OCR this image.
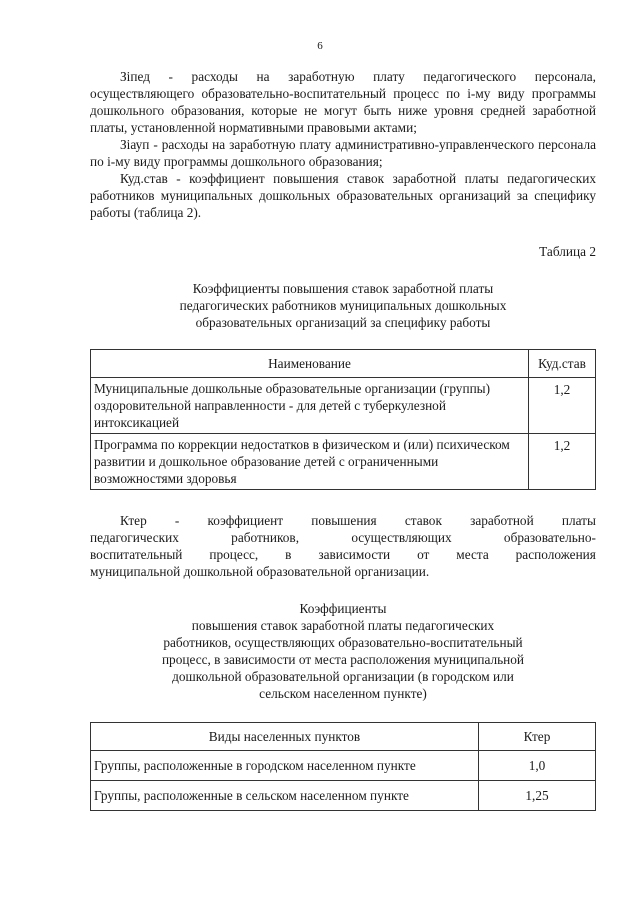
6

Зiпед - расходы на заработную плату педагогического персонала, осуществляющего образовательно-воспитательный процесс по i-му виду программы дошкольного образования, которые не могут быть ниже уровня средней заработной платы, установленной нормативными правовыми актами;

Зiауп - расходы на заработную плату административно-управленческого персонала по i-му виду программы дошкольного образования;

Куд.став - коэффициент повышения ставок заработной платы педагогических работников муниципальных дошкольных образовательных организаций за специфику работы (таблица 2).

Таблица 2

Коэффициенты повышения ставок заработной платы

педагогических работников муниципальных дошкольных

образовательных организаций за специфику работы

Наименование	Куд.став
Муниципальные дошкольные образовательные организации (группы) оздоровительной направленности - для детей с туберкулезной интоксикацией	1,2
Программа по коррекции недостатков в физическом и (или) психическом развитии и дошкольное образование детей с ограниченными возможностями здоровья	1,2
Ктер - коэффициент повышения ставок заработной платы
педагогических	работников,	осуществляющих	образовательно-
воспитательный процесс, в зависимости от места расположения
муниципальной дошкольной образовательной организации.

Коэффициенты

повышения ставок заработной платы педагогических

работников, осуществляющих образовательно-воспитательный

процесс, в зависимости от места расположения муниципальной

дошкольной образовательной организации (в городском или

сельском населенном пункте)

Виды населенных пунктов	Ктер
Группы, расположенные в городском населенном пункте	1,0
Группы, расположенные в сельском населенном пункте	1,25
